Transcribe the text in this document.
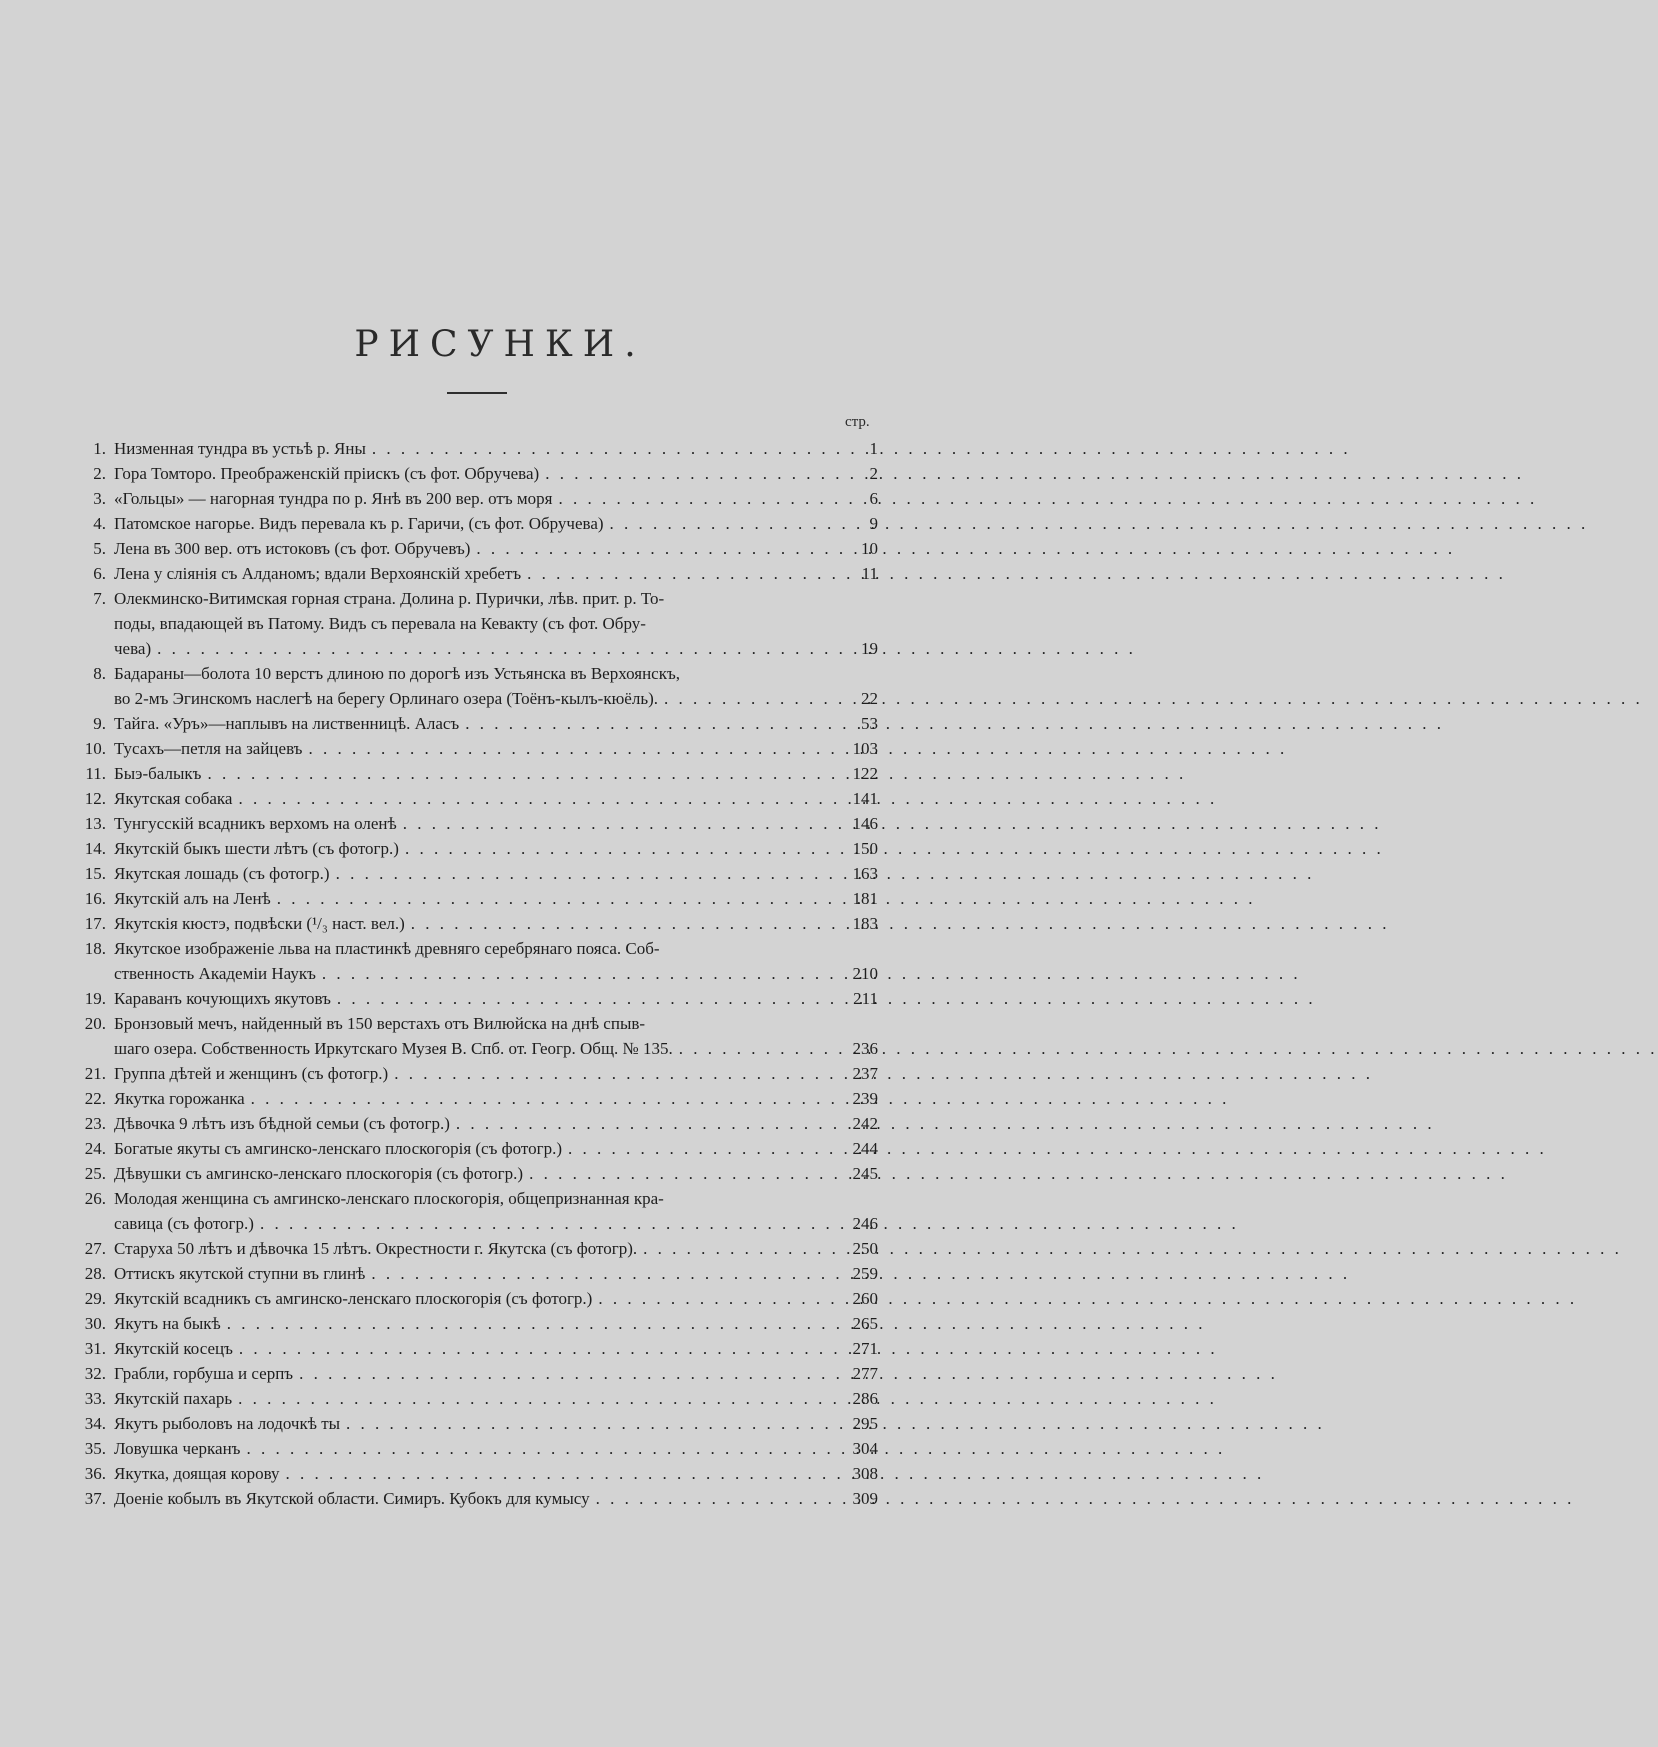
РИСУНКИ.
стр.
1. Низменная тундра въ устьѣ р. Яны . . .	1
2. Гора Томторо. Преображенскій прiискъ (съ фот. Обручева) . . .	2
3. «Гольцы» — нагорная тундра по р. Янѣ въ 200 вер. отъ моря . . .	6
4. Патомское нагорье. Видъ перевала къ р. Гаричи, (съ фот. Обручева) . . .	9
5. Лена въ 300 вер. отъ истоковъ (съ фот. Обручевъ) . . .	10
6. Лена у сліянія съ Алданомъ; вдали Верхоянскій хребетъ . . .	11
7. Олекминско-Витимская горная страна. Долина р. Пурички, лѣв. прит. р. То-
поды, впадающей въ Патому. Видъ съ перевала на Кевакту (съ фот. Обру-
чева) . . .	19
8. Бадараны—болота 10 верстъ длиною по дорогѣ изъ Устьянска въ Верхоянскъ,
во 2-мъ Эгинскомъ наслегѣ на берегу Орлинаго озера (Тоёнъ-кылъ-кюёль). . . .	22
9. Тайга. «Уръ»—наплывъ на лиственницѣ. Аласъ . . .	53
10. Тусахъ—петля на зайцевъ . . .	103
11. Быэ-балыкъ . . .	122
12. Якутская собака . . .	141
13. Тунгусскій всадникъ верхомъ на оленѣ . . .	146
14. Якутскій быкъ шести лѣтъ (съ фотогр.) . . .	150
15. Якутская лошадь (съ фотогр.) . . .	163
16. Якутскій алъ на Ленѣ . . .	181
17. Якутскія кюстэ, подвѣски (¹/₃ наст. вел.) . . .	183
18. Якутское изображеніе льва на пластинкѣ древняго серебрянаго пояса. Соб-
ственность Академіи Наукъ . . .	210
19. Караванъ кочующихъ якутовъ . . .	211
20. Бронзовый мечъ, найденный въ 150 верстахъ отъ Вилюйска на днѣ спыв-
шаго озера. Собственность Иркутскаго Музея В. Спб. от. Геогр. Общ. № 135. . . .	236
21. Группа дѣтей и женщинъ (съ фотогр.) . . .	237
22. Якутка горожанка . . .	239
23. Дѣвочка 9 лѣтъ изъ бѣдной семьи (съ фотогр.) . . .	242
24. Богатые якуты съ амгинско-ленскаго плоскогорія (съ фотогр.) . . .	244
25. Дѣвушки съ амгинско-ленскаго плоскогорія (съ фотогр.) . . .	245
26. Молодая женщина съ амгинско-ленскаго плоскогорія, общепризнанная кра-
савица (съ фотогр.) . . .	246
27. Старуха 50 лѣтъ и дѣвочка 15 лѣтъ. Окрестности г. Якутска (съ фотогр). . . .	250
28. Оттискъ якутской ступни въ глинѣ . . .	259
29. Якутскій всадникъ съ амгинско-ленскаго плоскогорія (съ фотогр.) . . .	260
30. Якутъ на быкѣ . . .	265
31. Якутскій косецъ . . .	271
32. Грабли, горбуша и серпъ . . .	277
33. Якутскій пахарь . . .	286
34. Якутъ рыболовъ на лодочкѣ ты . . .	295
35. Ловушка черканъ . . .	304
36. Якутка, доящая корову . . .	308
37. Доеніе кобылъ въ Якутской области. Симиръ. Кубокъ для кумысу . . .	309
